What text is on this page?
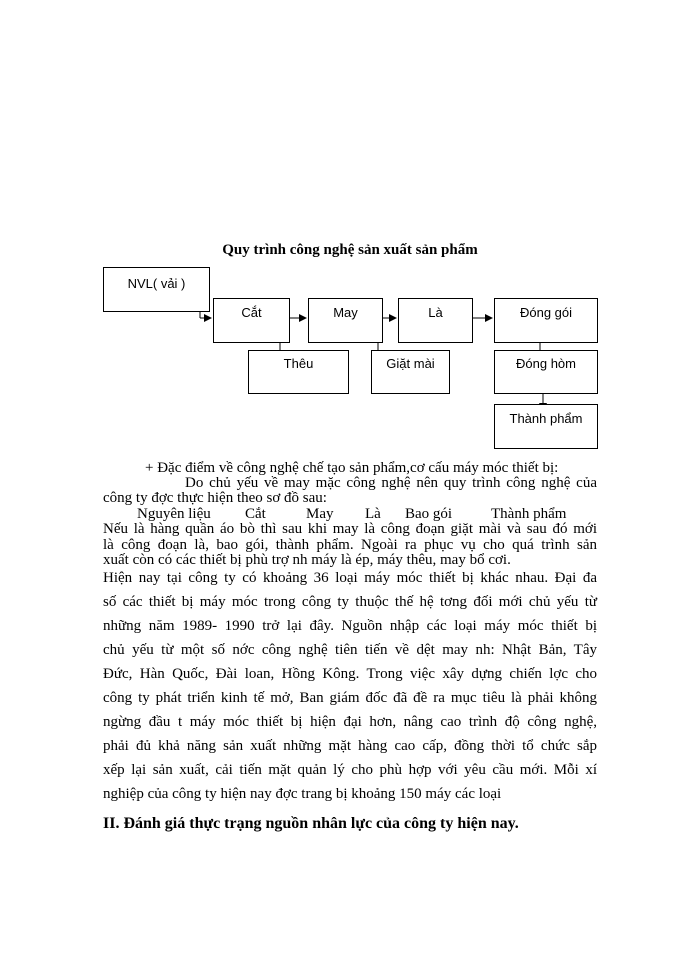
Quy trình công nghệ sản xuất sản phẩm
NVL( vải )
Cắt	May	Là	Đóng gói
Thêu	Giặt mài	Đóng hòm
Thành phẩm
+ Đặc điểm về công nghệ chế tạo sản phẩm,cơ cấu máy móc thiết bị:
Do chủ yếu về may mặc công nghệ nên quy trình công nghệ của
công ty đợc thực hiện theo sơ đồ sau:
Nguyên liệu Cắt	May Là Bao gói	Thành phẩm
Nếu là hàng quần áo bò thì sau khi may là công đoạn giặt mài và sau đó mới
là công đoạn là, bao gói, thành phẩm. Ngoài ra phục vụ cho quá trình sản
xuất còn có các thiết bị phù trợ nh máy là ép, máy thêu, may bổ cơi.
Hiện nay tại công ty có khoảng 36 loại máy móc thiết bị khác nhau. Đại đa
số các thiết bị máy móc trong công ty thuộc thế hệ tơng đối mới chủ yếu từ
những năm 1989- 1990 trở lại đây. Nguồn nhập các loại máy móc thiết bị
chủ yếu từ một số nớc công nghệ tiên tiến về dệt may nh: Nhật Bản, Tây
Đức, Hàn Quốc, Đài loan, Hồng Kông. Trong việc xây dựng chiến lợc cho
công ty phát triển kinh tế mở, Ban giám đốc đã đề ra mục tiêu là phải không
ngừng đầu t máy móc thiết bị hiện đại hơn, nâng cao trình độ công nghệ,
phải đủ khả năng sản xuất những mặt hàng cao cấp, đồng thời tổ chức sắp
xếp lại sản xuất, cải tiến mặt quản lý cho phù hợp với yêu cầu mới. Mỗi xí
nghiệp của công ty hiện nay đợc trang bị khoảng 150 máy các loại
II. Đánh giá thực trạng nguồn nhân lực của công ty hiện nay.
